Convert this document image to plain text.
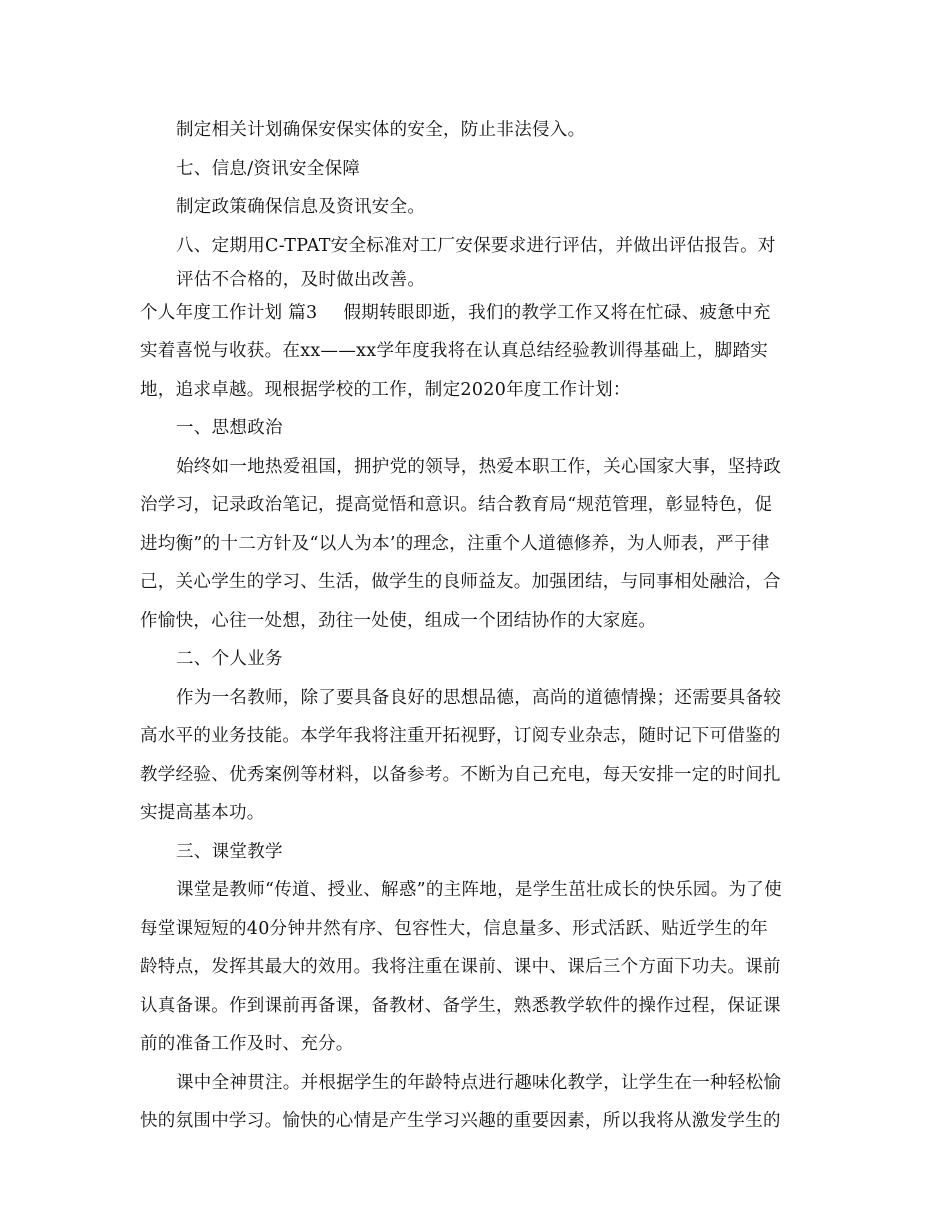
制定相关计划确保安保实体的安全，防止非法侵入。
七、信息/资讯安全保障
制定政策确保信息及资讯安全。
八、定期用C-TPAT安全标准对工厂安保要求进行评估，并做出评估报告。对
评估不合格的，及时做出改善。
个人年度工作计划 篇3 假期转眼即逝，我们的教学工作又将在忙碌、疲惫中充
实着喜悦与收获。在xx——xx学年度我将在认真总结经验教训得基础上，脚踏实
地，追求卓越。现根据学校的工作，制定2020年度工作计划：
一、思想政治
始终如一地热爱祖国，拥护党的领导，热爱本职工作，关心国家大事，坚持政
治学习，记录政治笔记，提高觉悟和意识。结合教育局“规范管理，彰显特色，促
进均衡”的十二方针及“以人为本’的理念，注重个人道德修养，为人师表，严于律
己，关心学生的学习、生活，做学生的良师益友。加强团结，与同事相处融洽，合
作愉快，心往一处想，劲往一处使，组成一个团结协作的大家庭。
二、个人业务
作为一名教师，除了要具备良好的思想品德，高尚的道德情操；还需要具备较
高水平的业务技能。本学年我将注重开拓视野，订阅专业杂志，随时记下可借鉴的
教学经验、优秀案例等材料，以备参考。不断为自己充电，每天安排一定的时间扎
实提高基本功。
三、课堂教学
课堂是教师“传道、授业、解惑”的主阵地，是学生茁壮成长的快乐园。为了使
每堂课短短的40分钟井然有序、包容性大，信息量多、形式活跃、贴近学生的年
龄特点，发挥其最大的效用。我将注重在课前、课中、课后三个方面下功夫。课前
认真备课。作到课前再备课，备教材、备学生，熟悉教学软件的操作过程，保证课
前的准备工作及时、充分。
课中全神贯注。并根据学生的年龄特点进行趣味化教学，让学生在一种轻松愉
快的氛围中学习。愉快的心情是产生学习兴趣的重要因素，所以我将从激发学生的
